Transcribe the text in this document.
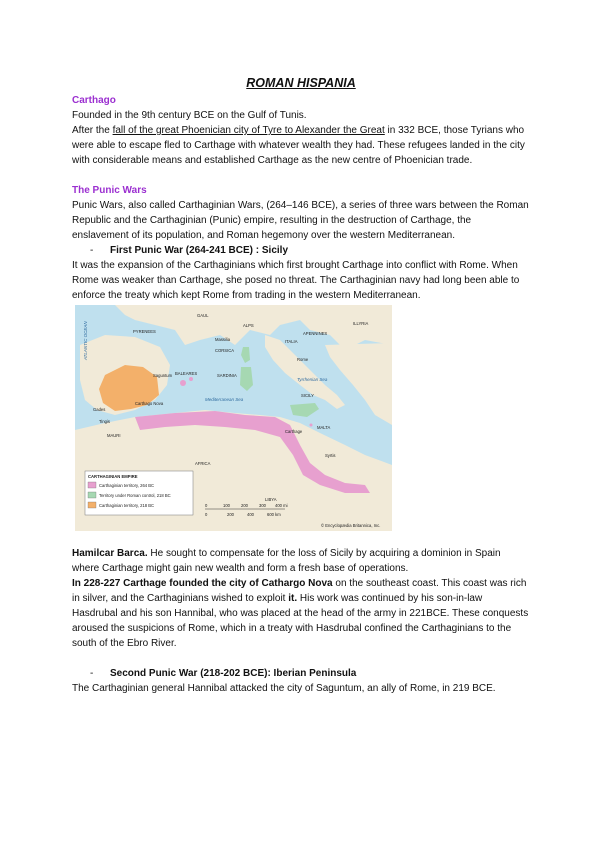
ROMAN HISPANIA

Carthago

Founded in the 9th century BCE on the Gulf of Tunis.

After the fall of the great Phoenician city of Tyre to Alexander the Great in 332 BCE, those Tyrians who were able to escape fled to Carthage with whatever wealth they had. These refugees landed in the city with considerable means and established Carthage as the new centre of Phoenician trade.

The Punic Wars

Punic Wars, also called Carthaginian Wars, (264–146 BCE), a series of three wars between the Roman Republic and the Carthaginian (Punic) empire, resulting in the destruction of Carthage, the enslavement of its population, and Roman hegemony over the western Mediterranean.

- First Punic War (264-241 BCE) : Sicily

It was the expansion of the Carthaginians which first brought Carthage into conflict with Rome. When Rome was weaker than Carthage, she posed no threat. The Carthaginian navy had long been able to enforce the treaty which kept Rome from trading in the western Mediterranean.

GAUL
Massilia
CORSICA
ITALIA
Rome
SARDINIA
SICILY
Carthage
ILLYRIA
Mediterranean Sea
Tyrrhenian Sea
ATLANTIC OCEAN
AFRICA
LIBYA
MALTA
MAURI
Saguntum
Gades
Tingis
PYRENEES
ALPS
APENNINES
BALEARES
Carthago Nova
Syrtis
CARTHAGINIAN EMPIRE
Carthaginian territory, 264 BC
Territory under Roman control, 218 BC
Carthaginian territory, 218 BC	0	100	200	300 400 mi
0	200	400	600 km
© Encyclopædia Britannica, Inc.

Hamilcar Barca. He sought to compensate for the loss of Sicily by acquiring a dominion in Spain where Carthage might gain new wealth and form a fresh base of operations.

In 228-227 Carthage founded the city of Cathargo Nova on the southeast coast. This coast was rich in silver, and the Carthaginians wished to exploit it. His work was continued by his son-in-law Hasdrubal and his son Hannibal, who was placed at the head of the army in 221BCE. These conquests aroused the suspicions of Rome, which in a treaty with Hasdrubal confined the Carthaginians to the south of the Ebro River.

- Second Punic War (218-202 BCE): Iberian Peninsula

The Carthaginian general Hannibal attacked the city of Saguntum, an ally of Rome, in 219 BCE.
